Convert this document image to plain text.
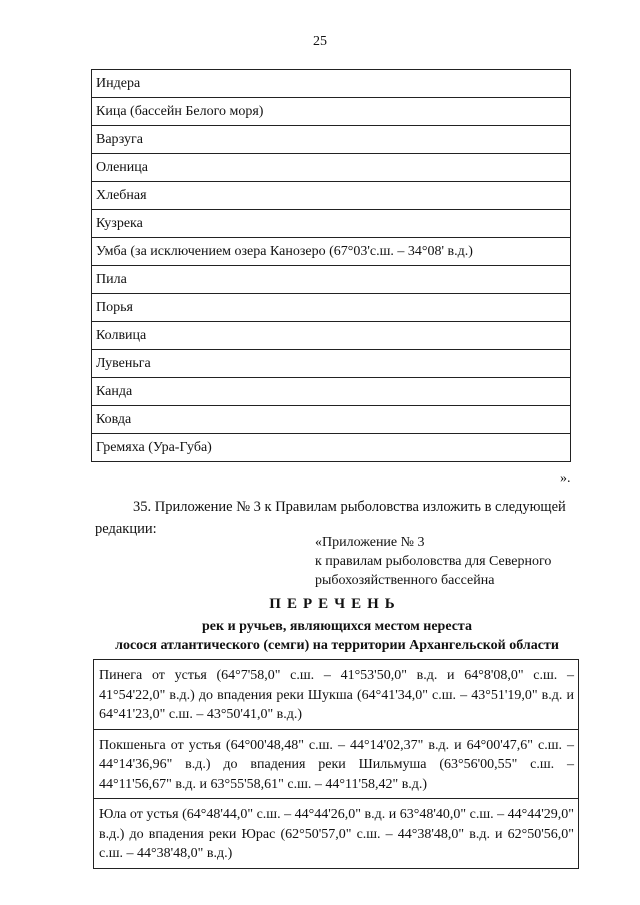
25
Индера
Кица (бассейн Белого моря)
Варзуга
Оленица
Хлебная
Кузрека
Умба (за исключением озера Канозеро (67°03'с.ш. – 34°08' в.д.)
Пила
Порья
Колвица
Лувеньга
Канда
Ковда
Гремяха (Ура-Губа)
».
35. Приложение № 3 к Правилам рыболовства изложить в следующей
редакции:
«Приложение № 3
к правилам рыболовства для Северного
рыбохозяйственного бассейна
ПЕРЕЧЕНЬ
рек и ручьев, являющихся местом нереста
лосося атлантического (семги) на территории Архангельской области
Пинега от устья (64°7'58,0" с.ш. – 41°53'50,0" в.д. и 64°8'08,0" с.ш. – 41°54'22,0" в.д.) до впадения реки Шукша (64°41'34,0" с.ш. – 43°51'19,0" в.д. и 64°41'23,0" с.ш. – 43°50'41,0" в.д.)
Покшеньга от устья (64°00'48,48" с.ш. – 44°14'02,37" в.д. и 64°00'47,6" с.ш. – 44°14'36,96" в.д.) до впадения реки Шильмуша (63°56'00,55" с.ш. – 44°11'56,67" в.д. и 63°55'58,61" с.ш. – 44°11'58,42" в.д.)
Юла от устья (64°48'44,0" с.ш. – 44°44'26,0" в.д. и 63°48'40,0" с.ш. – 44°44'29,0" в.д.) до впадения реки Юрас (62°50'57,0" с.ш. – 44°38'48,0" в.д. и 62°50'56,0" с.ш. – 44°38'48,0" в.д.)
